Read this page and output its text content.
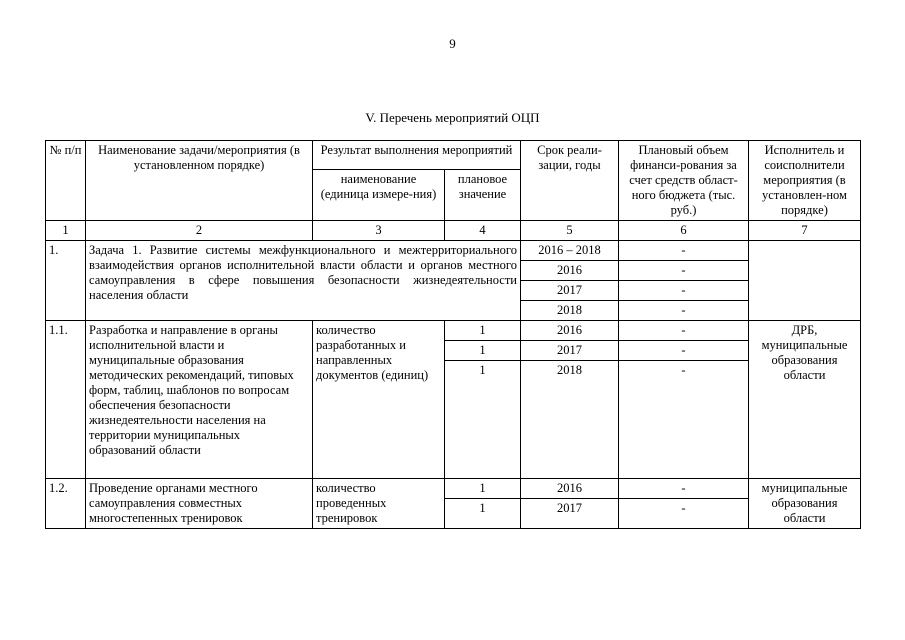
9
V. Перечень мероприятий ОЦП
№ п/п	Наименование задачи/мероприятия (в установленном порядке)	Результат выполнения мероприятий		Срок реали-зации, годы	Плановый объем финанси-рования за счет средств област-ного бюджета (тыс. руб.)	Исполнитель и соисполнители мероприятия (в установлен-ном порядке)
		наименование (единица измере-ния)	плановое значение			
1	2	3	4	5	6	7
1.	Задача 1. Развитие системы межфункционального и межтерриториального взаимодействия органов исполнительной власти области и органов местного самоуправления в сфере повышения безопасности жизнедеятельности населения области			2016 – 2018	-	
				2016	-	
				2017	-	
				2018	-	
1.1.	Разработка и направление в органы исполнительной власти и муниципальные образования методических рекомендаций, типовых форм, таблиц, шаблонов по вопросам обеспечения безопасности жизнедеятельности населения на территории муниципальных образований области	количество разработанных и направленных документов (единиц)	1	2016	-	ДРБ, муниципальные образования области
			1	2017	-	
			1	2018	-	
1.2.	Проведение органами местного самоуправления совместных многостепенных тренировок	количество проведенных тренировок	1	2016	-	муниципальные образования области
			1	2017	-	
